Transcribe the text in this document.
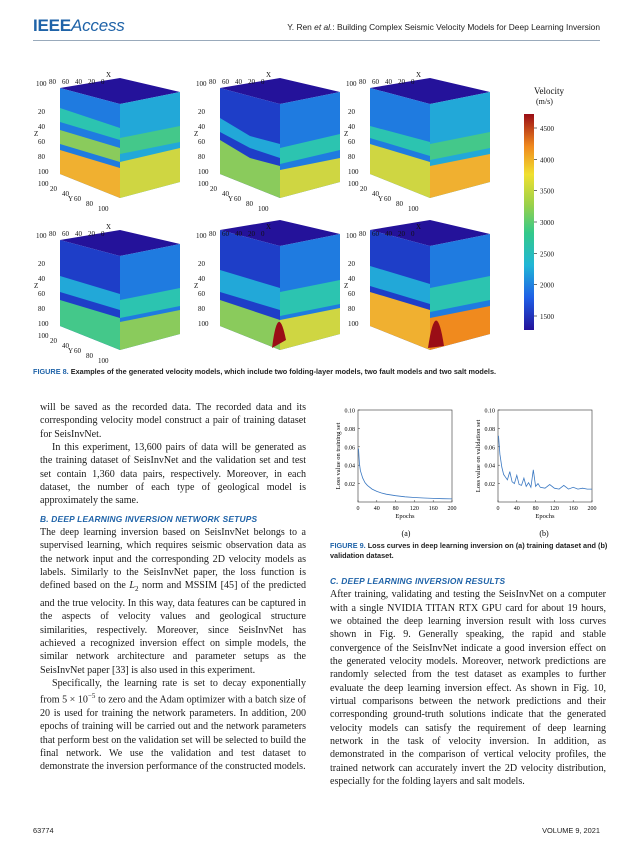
IEEEAccess	Y. Ren et al.: Building Complex Seismic Velocity Models for Deep Learning Inversion
Velocity
(m/s)
4500
4000
3500
3000
2500
2000
1500
X
100 80 60 40 20 0
Z
20
40
60
80
100
Y
100
20
40
60
80
100
X
100 80 60 40 20 0
Z
20
40
60
80
100
Y
100
20
40
60
80
100
X
100 80 60 40 20 0
Z
20
40
60
80
100
Y
100
20
40
60
80
100
X
100 80 60 40 20 0
Z
20
40
60
80
100
Y
100
20
40
60
80
100
X
100 80 60 40 20 0
Z
20
40
60
80
100
X
100 80 60 40 20 0
Z
20
40
60
80
100
FIGURE 8. Examples of the generated velocity models, which include two folding-layer models, two fault models and two salt models.

will be saved as the recorded data. The recorded data and its corresponding velocity model construct a pair of training dataset for SeisInvNet.

In this experiment, 13,600 pairs of data will be generated as the training dataset of SeisInvNet and the validation set and test set contain 1,360 data pairs, respectively. Moreover, in each dataset, the number of each type of geological model is approximately the same.

B. DEEP LEARNING INVERSION NETWORK SETUPS

The deep learning inversion based on SeisInvNet belongs to a supervised learning, which requires seismic observation data as the network input and the corresponding 2D velocity models as labels. Similarly to the SeisInvNet paper, the loss function is defined based on the $L_2$ norm and MSSIM [45] of the predicted and the true velocity. In this way, data features can be captured in the aspects of velocity values and geological structure similarities, respectively. Moreover, since SeisInvNet has achieved a recognized inversion effect on simple models, the similar network architecture and parameter setups as the SeisInvNet paper [33] is also used in this experiment.

Specifically, the learning rate is set to decay exponentially from $5 \times 10^{-5}$ to zero and the Adam optimizer with a batch size of 20 is used for training the network parameters. In addition, 200 epochs of training will be carried out and the network parameters that perform best on the validation set will be selected to build the final network. We use the validation and test dataset to demonstrate the inversion performance of the constructed models.

0.02
0.04
0.06
0.08
0.10
0 40 80 120 160 200
Epochs
Loss value on training set	0.02
0.04
0.06
0.08
0.10
0 40 80 120 160 200
Epochs
Loss value on validation set
(a)	(b)
FIGURE 9. Loss curves in deep learning inversion on (a) training dataset and (b) validation dataset.

C. DEEP LEARNING INVERSION RESULTS

After training, validating and testing the SeisInvNet on a computer with a single NVIDIA TITAN RTX GPU card for about 19 hours, we obtained the deep learning inversion result with loss curves shown in Fig. 9. Generally speaking, the rapid and stable convergence of the SeisInvNet indicate a good inversion effect on the generated velocity models. Moreover, network predictions are randomly selected from the test dataset as examples to further evaluate the deep learning inversion effect. As shown in Fig. 10, virtual comparisons between the network predictions and their corresponding ground-truth solutions indicate that the generated velocity models can satisfy the requirement of deep learning network in the task of velocity inversion. In addition, as demonstrated in the comparison of vertical velocity profiles, the trained network can accurately invert the 2D velocity distribution, especially for the folding layers and salt models.

63774	VOLUME 9, 2021
